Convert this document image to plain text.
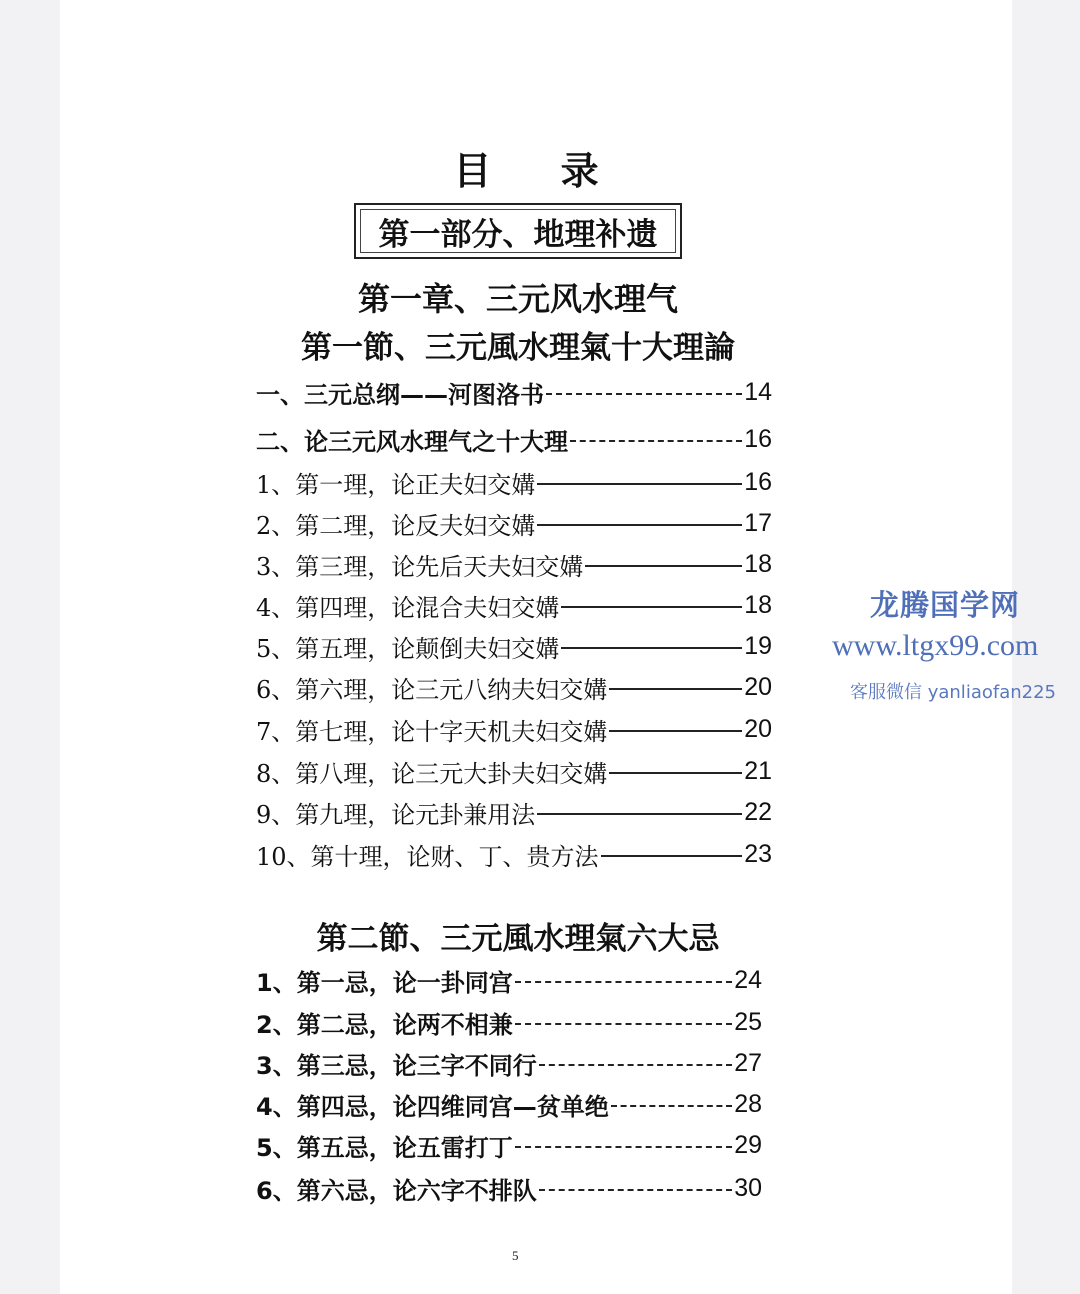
目 录
第一部分、地理补遗
第一章、三元风水理气
第一節、三元風水理氣十大理論
一、三元总纲——河图洛书	14
二、论三元风水理气之十大理	16
1、第一理，论正夫妇交媾	16
2、第二理，论反夫妇交媾	17
3、第三理，论先后天夫妇交媾	18
4、第四理，论混合夫妇交媾	18
5、第五理，论颠倒夫妇交媾	19
6、第六理，论三元八纳夫妇交媾	20
7、第七理，论十字天机夫妇交媾	20
8、第八理，论三元大卦夫妇交媾	21
9、第九理，论元卦兼用法	22
10、第十理，论财、丁、贵方法	23
第二節、三元風水理氣六大忌
1、第一忌，论一卦同宫	24
2、第二忌，论两不相兼	25
3、第三忌，论三字不同行	27
4、第四忌，论四维同宫—贫单绝	28
5、第五忌，论五雷打丁	29
6、第六忌，论六字不排队	30
5
龙腾国学网
www.ltgx99.com
客服微信 yanliaofan225
